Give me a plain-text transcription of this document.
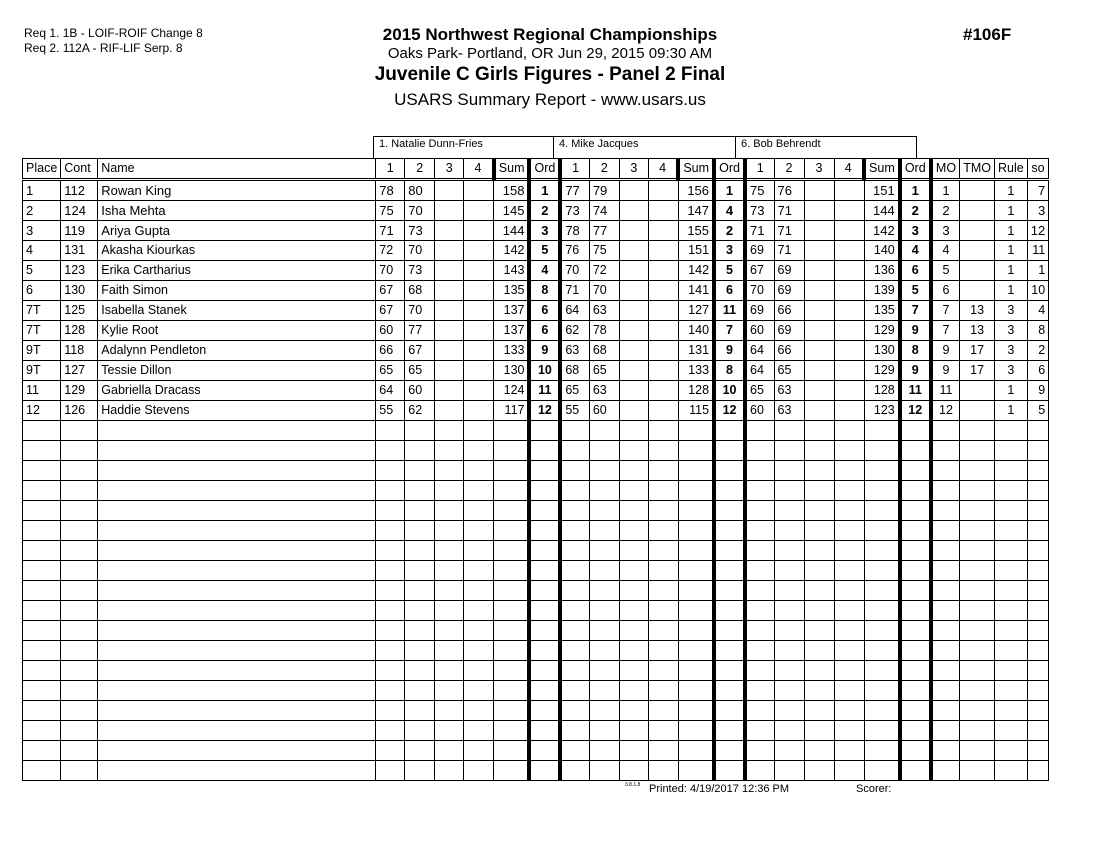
Req 1. 1B - LOIF-ROIF Change 8
Req 2. 112A - RIF-LIF Serp. 8
2015 Northwest Regional Championships
Oaks Park- Portland, OR Jun 29, 2015 09:30 AM
Juvenile C Girls Figures - Panel 2 Final
USARS Summary Report - www.usars.us
#106F
1. Natalie Dunn-Fries	4. Mike Jacques	6. Bob Behrendt
Place	Cont	Name	1	2	3	4	Sum	Ord	1	2	3	4	Sum	Ord	1	2	3	4	Sum	Ord	MO	TMO	Rule	so
1	112	Rowan King	78	80			158	1	77	79			156	1	75	76			151	1	1		1	7
2	124	Isha Mehta	75	70			145	2	73	74			147	4	73	71			144	2	2		1	3
3	119	Ariya Gupta	71	73			144	3	78	77			155	2	71	71			142	3	3		1	12
4	131	Akasha Kiourkas	72	70			142	5	76	75			151	3	69	71			140	4	4		1	11
5	123	Erika Cartharius	70	73			143	4	70	72			142	5	67	69			136	6	5		1	1
6	130	Faith Simon	67	68			135	8	71	70			141	6	70	69			139	5	6		1	10
7T	125	Isabella Stanek	67	70			137	6	64	63			127	11	69	66			135	7	7	13	3	4
7T	128	Kylie Root	60	77			137	6	62	78			140	7	60	69			129	9	7	13	3	8
9T	118	Adalynn Pendleton	66	67			133	9	63	68			131	9	64	66			130	8	9	17	3	2
9T	127	Tessie Dillon	65	65			130	10	68	65			133	8	64	65			129	9	9	17	3	6
11	129	Gabriella Dracass	64	60			124	11	65	63			128	10	65	63			128	11	11		1	9
12	126	Haddie Stevens	55	62			117	12	55	60			115	12	60	63			123	12	12		1	5

3.8.1.8 Printed: 4/19/2017 12:36 PM	Scorer:
